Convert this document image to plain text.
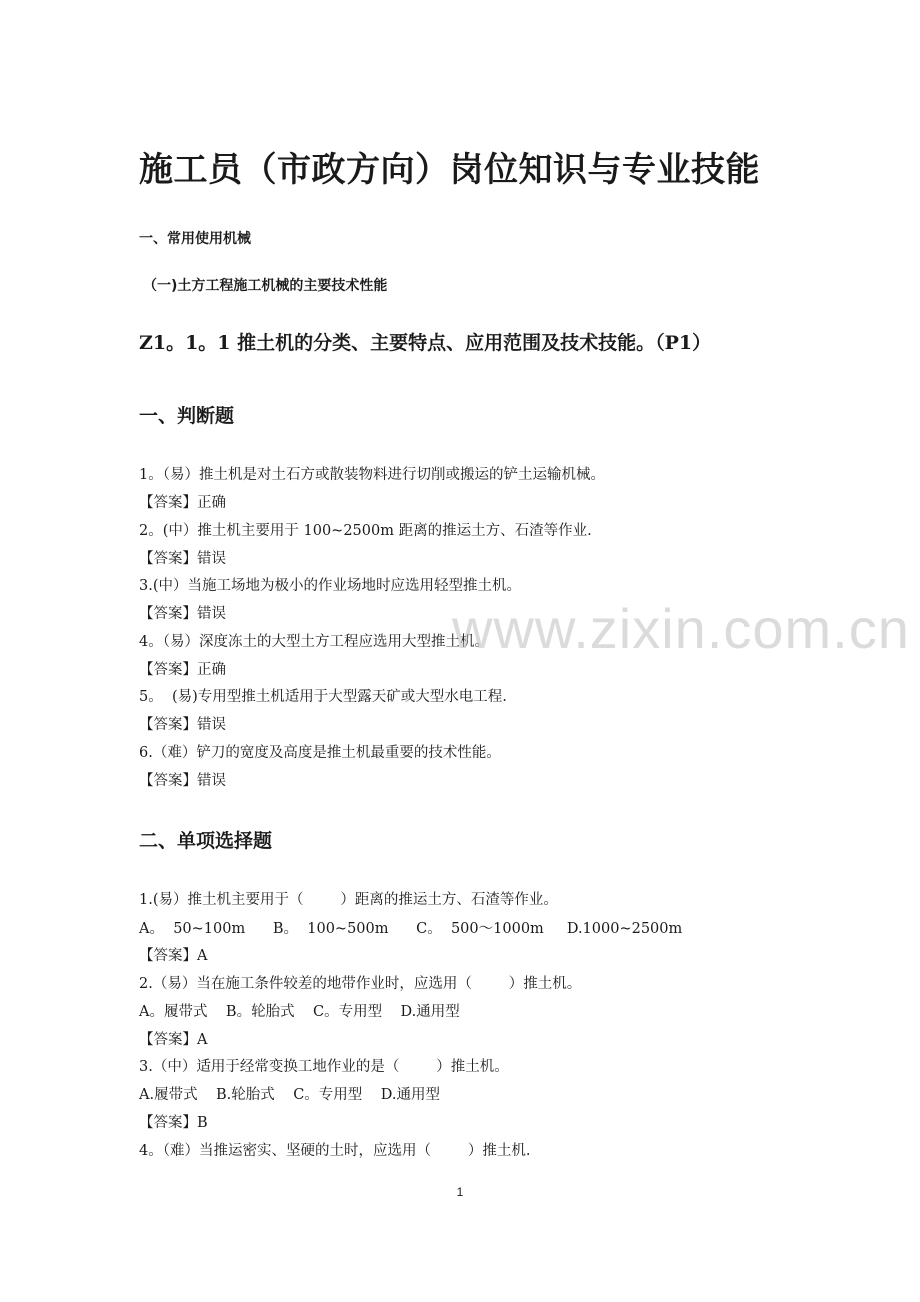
施工员（市政方向）岗位知识与专业技能
一、常用使用机械
（一)土方工程施工机械的主要技术性能
Z1。1。1 推土机的分类、主要特点、应用范围及技术技能。（P1）
一、判断题
1。（易）推土机是对土石方或散装物料进行切削或搬运的铲土运输机械。
【答案】正确
2。(中）推土机主要用于 100~2500m 距离的推运土方、石渣等作业.
【答案】错误
3.(中）当施工场地为极小的作业场地时应选用轻型推土机。
【答案】错误
4。（易）深度冻土的大型土方工程应选用大型推土机。
【答案】正确
5。  (易)专用型推土机适用于大型露天矿或大型水电工程.
【答案】错误
6.（难）铲刀的宽度及高度是推土机最重要的技术性能。
【答案】错误
二、单项选择题
1.(易）推土机主要用于（        ）距离的推运土方、石渣等作业。
A。  50~100m      B。  100~500m      C。  500～1000m     D.1000~2500m
【答案】A
2.（易）当在施工条件较差的地带作业时，应选用（        ）推土机。
A。履带式    B。轮胎式    C。专用型    D.通用型
【答案】A
3.（中）适用于经常变换工地作业的是（        ）推土机。
A.履带式    B.轮胎式    C。专用型    D.通用型
【答案】B
4。（难）当推运密实、坚硬的土时，应选用（        ）推土机.
www.zixin.com.cn
1
